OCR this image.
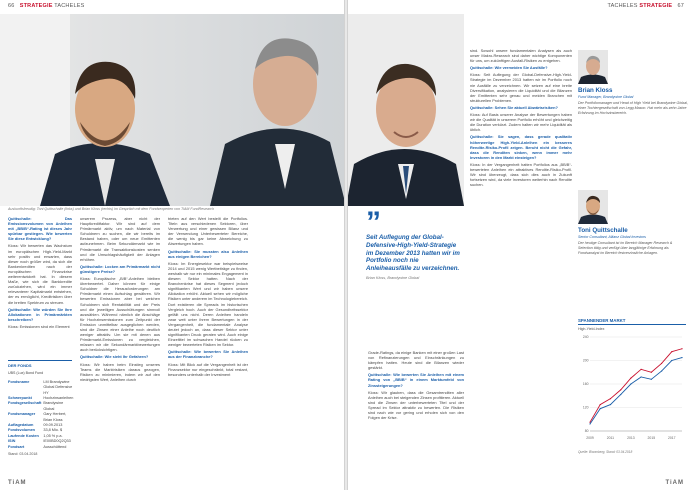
66 STRATEGIE TACHELES
Auskunftsfreudig: Toni Quittschalle (links) und Brian Kloss (rechts) im Gespräch mit dem Fondsexperten von TiAM FundResearch

Quittschalle: Das Emissionsvolumen von Anleihen mit „BB/B“-Rating ist dieses Jahr spürbar gestiegen. Wie bewerten Sie diese Entwicklung?

Kloss: Wir bewerten das Wachstum im europäischen High-Yield-Markt sehr positiv und erwarten, dass dieser noch größer wird, da sich die Bankenkrediten nach der europäischen Finanzkrise weiterentwickelt hat. In diesem Maße, wie sich die Bankkredite zurückziehen, wird ein immer relevanterer Kapitalmarkt entstehen, der es ermöglicht, Kreditrisiken über die breiten Spektrum zu streuen.

Quittschalle: Wie würden Sie Ihre Allokationen in Primärmärkten beschreiben?

Kloss: Emissionen sind ein Element

DER FONDS
UBS (Lux) Bond Fund
Fondsname	LM Brandywine Global Defensive HY
Schwerpunkt	Hochzinsanleihen
Fondsgesellschaft	Brandywine Global
Fondsmanager	Gary Herbert, Brian Kloss
Auflagedatum	09.09.2013
Fondsvolumen	33,8 Mio. $
Laufende Kosten	1,05 % p.a.
ISIN	IE00BD0Q2Q33
Fondsart	Ausschüttend
Stand: 03.04.2018

unserem Prozess, aber nicht der Hauptkreditfaktor. Wir sind auf dem Primärmarkt aktiv, um nach Material von Schuldnern zu suchen, die wir bereits im Bestand haben, oder um neue Emittenten aufzunehmen. Beim Sekundärmarkt wie im Primärmarkt die Transaktionskosten senken und die Umschlagshäufigkeit der Anlagen erhöhen.

Quittschalle: Locken am Primärmarkt nicht günstigere Preise?

Kloss: Europäische „B/B“-Anleihen bleiben überbewertet. Daher können für einige Schuldner die Herausforderungen am Primärmarkt einen Aufschlag gewähren. Wir bewerten Emissionen aber bei welchen Schuldnern sich Rentabilität und der Preis und die jeweiligen Ausschüttungen sinnvoll auswählen. Während nämlich die Abschläge für Hochzinsemissionen zum Zeitpunkt der Emission unmittelbar ausgeglichen werden, sind die Zinsen einer Anleihe noch deutlich weniger attraktiv. Um sie mit denen aus Primärmarkt-Emissionen zu vergleichen, müssen wir die Sekundärmarktbewertungen auch berücksichtigen.

Quittschalle: Wie sieht Ihr Gefahren?

Kloss: Wir haben beim Einstieg unseres Teams die Marktrisiken daraus gezogen, Risiken zu minimieren, indem wir auf den niedrigsten Wert, Anleihen durch

trieten auf den Wert bestellt die Portfolios. Titeln aus verschiedenen Sektoren, über Verwertung und einer gewissen Bilanz und der Verwendung Unterbewerteter Bereiche, die wenig bis gar keine Abweichung zu Abwertungen haben.

Quittschalle: Sie mussten also Anleihen aus einigen Bereichen?

Kloss: Im Energiesektor war beispielsweise 2014 und 2015 wenig Wertbeiträge zu finden, weshalb wir nur ein minimales Engagement in diesem Sektor hatten. Nach der Branchenkrise hat dieses Segment jedoch signifikanten Wert und wir haben unsere Allokation erhöht. Aktuell sehen wir mögliche Risiken unter anderem im Technologiebereich. Dort existieren die Spreads im historischen Vergleich hoch. Auch der Gesundheitssektor gefällt uns nicht. Deren Anleihen handeln zwar weit unter ihrem Bewertungen in der Vergangenheit, die fundamentale Analyse deutet jedoch an, dass dieser Sektor unter signifikanten Druck geraten wird. Auch einige Einzeltitel im schwachen Handel rücken zu weniger bewerteten Risiken im Sektor.

Quittschalle: Wie bewerten Sie Anleihen aus der Finanzbranche?

Kloss: Mit Blick auf die Vergangenheit ist der Finanzsektor nur eingeschränkt, total restant, besonders unterhalb der Investment

TiAM
TACHELES STRATEGIE 67
”
Seit Auflegung der Global-Defensive-High-Yield-Strategie im Dezember 2013 hatten wir im Portfolio noch nie Anleiheausfälle zu verzeichnen.
Brian Kloss, Brandywine Global

Grade-Ratings, da einige Banken mit einer großen Last von Refinanzierungen und Einschränkungen zu kämpfen hatten. Heute sind die Bilanzen wieder gestärkt.

Quittschalle: Wie bewerten Sie Anleihen mit einem Rating von „BB/B“ in einem Marktumfeld von Zinssteigerungen?

Kloss: Wir glauben, dass die Gesamtrenditen aller Anleihen auch bei steigenden Zinsen profitieren. Aktuell sind die Zinsen der unterbewerteten Titel und der Spread im Sektor attraktiv zu bewerten. Die Risiken sind nach wie vor gering und erholen sich von den Folgen der Krise.

sind. Sowohl unsere fundamentalen Analysen als auch unser Makro-Research sind daher wichtige Komponenten für uns, um zukünftigen Ausfall-Risiken zu entgehen.

Quittschalle: Wie vermeiden Sie Ausfälle?

Kloss: Seit Auflegung der Global-Defensive-High-Yield-Strategie im Dezember 2013 hatten wir im Portfolio noch nie Ausfälle zu verzeichnen. Wir setzen auf eine breite Diversifikation, analysieren die Liquidität und die Bilanzen der Emittenten sehr genau und meiden Branchen mit strukturellen Problemen.

Quittschalle: Sehen Sie aktuell Abwärtsrisiken?

Kloss: Auf Basis unserer Analyse der Bewertungen haben wir die Qualität in unserem Portfolio erhöht und gleichzeitig die Duration verkürzt. Zudem halten wir mehr Liquidität als üblich.

Quittschalle: Sie sagen, dass gerade qualitativ höherwertige High-Yield-Anleihen ein besseres Rendite-Risiko-Profil zeigen. Beruht nicht die Gefahr, dass die Renditen sinken, wenn immer mehr Investoren in den Markt einsteigen?

Kloss: In der Vergangenheit hatten Portfolios aus „BB/B“-bewerteten Anleihen ein attraktives Rendite-Risiko-Profil. Wir sind überzeugt, dass sich dies auch in Zukunft fortsetzen wird, da viele Investoren weiterhin nach Rendite suchen.

Brian Kloss
Fund Manager, Brandywine Global
Der Portfoliomanager und Head of High Yield bei Brandywine Global, einer Tochtergesellschaft von Legg Mason. Hat mehr als zehn Jahre Erfahrung im Hochzinsbereich.
Toni Quittschalle
Senior Consultant, Allianz Global Investors
Der heutige Consultant ist im Bereich Manager Research & Selection tätig und verfügt über langjährige Erfahrung als Fondsanalyst im Bereich festverzinsliche Anlagen.
SPANNENDER MARKT
High-Yield-Index
80
120
160
200
240
2009	2011	2013	2015	2017
Quelle: Bloomberg, Stand: 03.04.2018
TiAM
